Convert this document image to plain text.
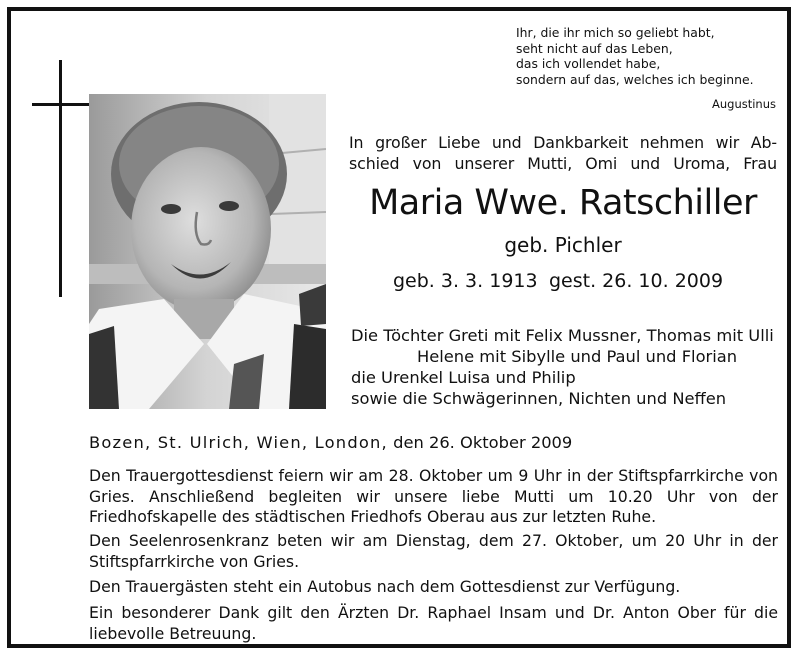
Ihr, die ihr mich so geliebt habt,
seht nicht auf das Leben,
das ich vollendet habe,
sondern auf das, welches ich beginne.
Augustinus
In großer Liebe und Dankbarkeit nehmen wir Ab-
schied von unserer Mutti, Omi und Uroma, Frau
Maria Wwe. Ratschiller
geb. Pichler
geb. 3. 3. 1913 gest. 26. 10. 2009
Die Töchter Greti mit Felix Mussner, Thomas mit Ulli
Helene mit Sibylle und Paul und Florian
die Urenkel Luisa und Philip
sowie die Schwägerinnen, Nichten und Neffen
Bozen, St. Ulrich, Wien, London, den 26. Oktober 2009
Den Trauergottesdienst feiern wir am 28. Oktober um 9 Uhr in der Stiftspfarrkirche von
Gries. Anschließend begleiten wir unsere liebe Mutti um 10.20 Uhr von der
Friedhofskapelle des städtischen Friedhofs Oberau aus zur letzten Ruhe.
Den Seelenrosenkranz beten wir am Dienstag, dem 27. Oktober, um 20 Uhr in der
Stiftspfarrkirche von Gries.
Den Trauergästen steht ein Autobus nach dem Gottesdienst zur Verfügung.
Ein besonderer Dank gilt den Ärzten Dr. Raphael Insam und Dr. Anton Ober für die
liebevolle Betreuung.
